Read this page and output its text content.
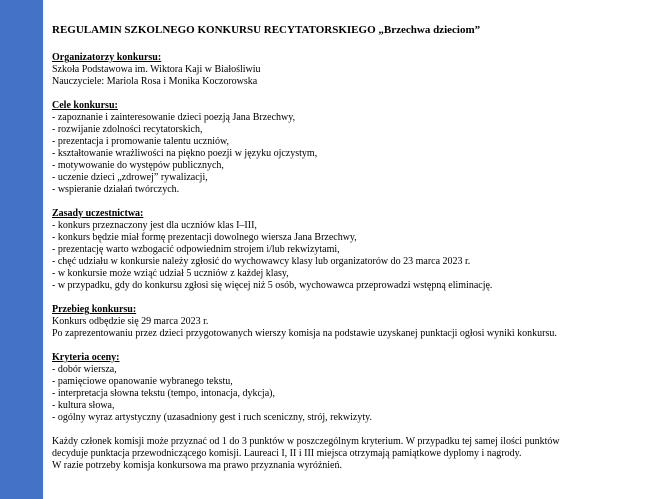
REGULAMIN SZKOLNEGO KONKURSU RECYTATORSKIEGO „Brzechwa dzieciom”
Organizatorzy konkursu:
Szkoła Podstawowa im. Wiktora Kaji w Białośliwiu
Nauczyciele: Mariola Rosa i Monika Koczorowska
Cele konkursu:
- zapoznanie i zainteresowanie dzieci poezją Jana Brzechwy,
- rozwijanie zdolności recytatorskich,
- prezentacja i promowanie talentu uczniów,
- kształtowanie wrażliwości na piękno poezji w języku ojczystym,
- motywowanie do występów publicznych,
- uczenie dzieci „zdrowej” rywalizacji,
- wspieranie działań twórczych.
Zasady uczestnictwa:
- konkurs przeznaczony jest dla uczniów klas I–III,
- konkurs będzie miał formę prezentacji dowolnego wiersza Jana Brzechwy,
- prezentację warto wzbogacić odpowiednim strojem i/lub rekwizytami,
- chęć udziału w konkursie należy zgłosić do wychowawcy klasy lub organizatorów do 23 marca 2023 r.
- w konkursie może wziąć udział 5 uczniów z każdej klasy,
- w przypadku, gdy do konkursu zgłosi się więcej niż 5 osób, wychowawca przeprowadzi wstępną eliminację.
Przebieg konkursu:
Konkurs odbędzie się 29 marca 2023 r.
Po zaprezentowaniu przez dzieci przygotowanych wierszy komisja na podstawie uzyskanej punktacji ogłosi wyniki konkursu.
Kryteria oceny:
- dobór wiersza,
- pamięciowe opanowanie wybranego tekstu,
- interpretacja słowna tekstu (tempo, intonacja, dykcja),
- kultura słowa,
- ogólny wyraz artystyczny (uzasadniony gest i ruch sceniczny, strój, rekwizyty.
Każdy członek komisji może przyznać od 1 do 3 punktów w poszczególnym kryterium. W przypadku tej samej ilości punktów
decyduje punktacja przewodniczącego komisji. Laureaci I, II i III miejsca otrzymają pamiątkowe dyplomy i nagrody.
W razie potrzeby komisja konkursowa ma prawo przyznania wyróżnień.
